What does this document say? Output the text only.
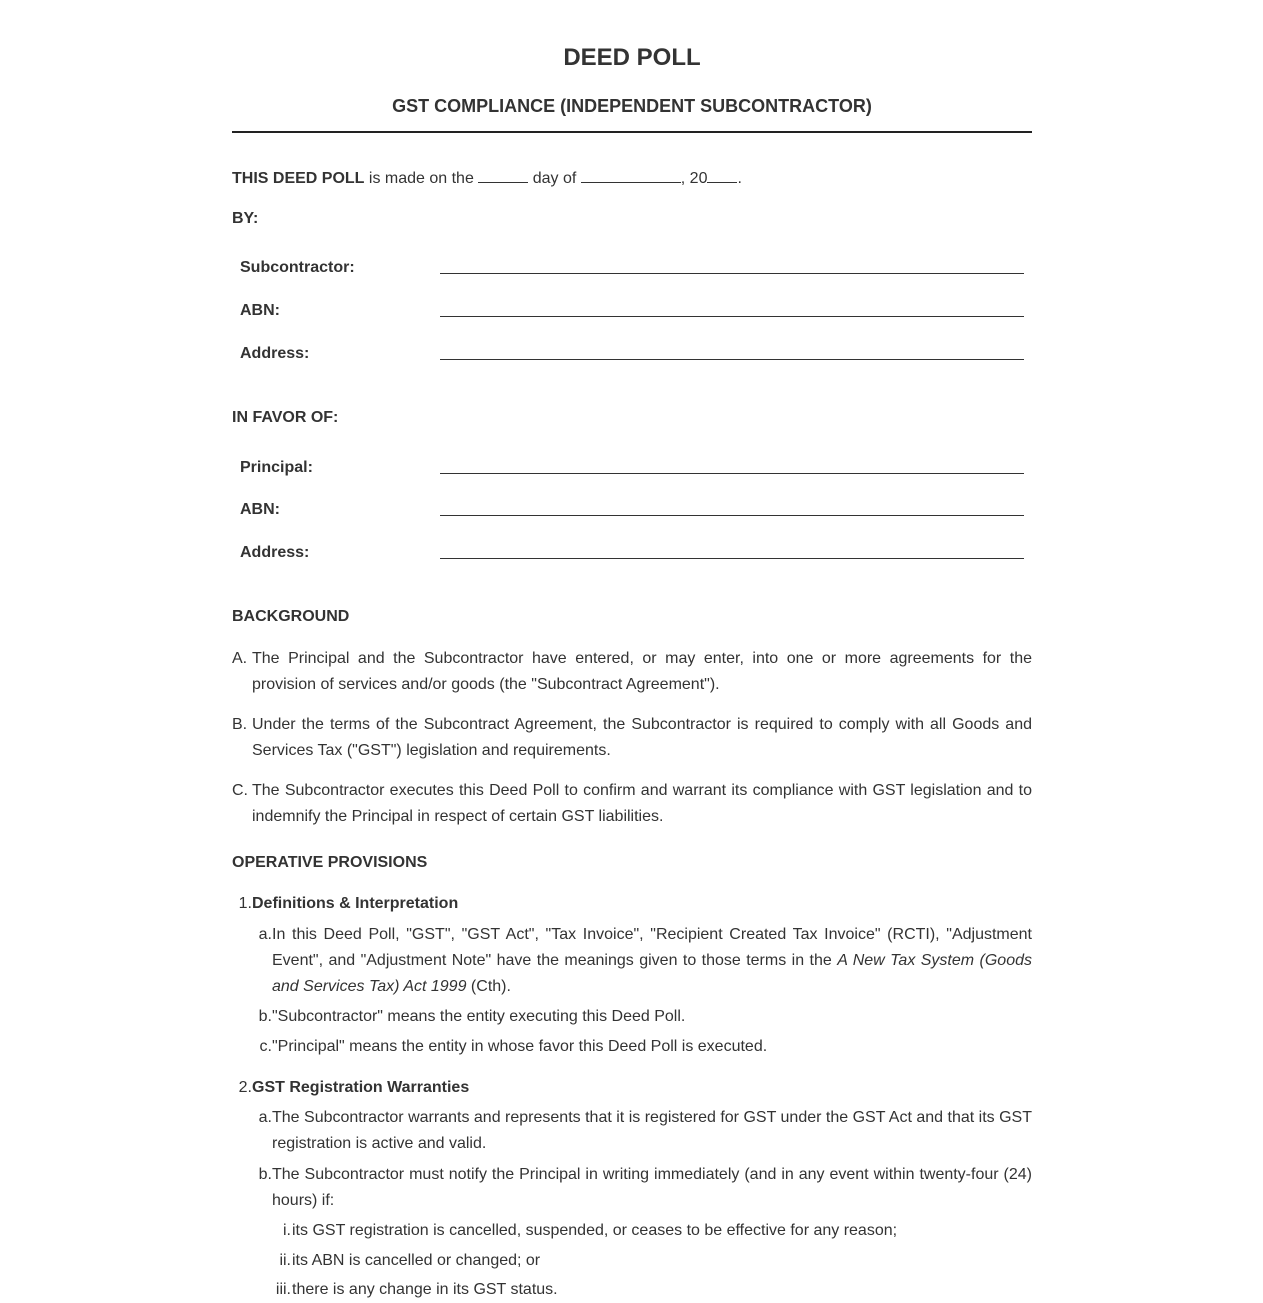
DEED POLL
GST COMPLIANCE (INDEPENDENT SUBCONTRACTOR)
THIS DEED POLL is made on the	day of	, 20 .
BY:
Subcontractor:
ABN:
Address:
IN FAVOR OF:
Principal:
ABN:
Address:
BACKGROUND
A. The Principal and the Subcontractor have entered, or may enter, into one or more agreements for the provision of services and/or goods (the "Subcontract Agreement").
B. Under the terms of the Subcontract Agreement, the Subcontractor is required to comply with all Goods and Services Tax ("GST") legislation and requirements.
C. The Subcontractor executes this Deed Poll to confirm and warrant its compliance with GST legislation and to indemnify the Principal in respect of certain GST liabilities.
OPERATIVE PROVISIONS
1.Definitions & Interpretation
a. In this Deed Poll, "GST", "GST Act", "Tax Invoice", "Recipient Created Tax Invoice" (RCTI), "Adjustment Event", and "Adjustment Note" have the meanings given to those terms in the A New Tax System (Goods and Services Tax) Act 1999 (Cth).
b. "Subcontractor" means the entity executing this Deed Poll.
c. "Principal" means the entity in whose favor this Deed Poll is executed.
2.GST Registration Warranties
a. The Subcontractor warrants and represents that it is registered for GST under the GST Act and that its GST registration is active and valid.
b. The Subcontractor must notify the Principal in writing immediately (and in any event within twenty-four (24) hours) if:
i. its GST registration is cancelled, suspended, or ceases to be effective for any reason;
ii. its ABN is cancelled or changed; or
iii. there is any change in its GST status.
